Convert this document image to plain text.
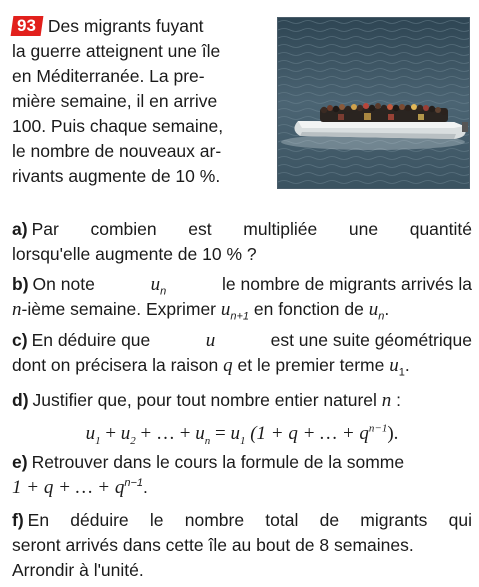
93 Des migrants fuyant
la guerre atteignent une île
en Méditerranée. La pre-
mière semaine, il en arrive
100. Puis chaque semaine,
le nombre de nouveaux ar-
rivants augmente de 10 %.
a) Par combien est multipliée une quantité
lorsqu'elle augmente de 10 % ?
b) On note	$u_n$	le nombre de migrants arrivés la
n-ième semaine. Exprimer $u_{n+1}$ en fonction de $u_n$.
c) En déduire que	u	est une suite géométrique
dont on précisera la raison q et le premier terme $u_1$.
d) Justifier que, pour tout nombre entier naturel n :
$u_1 + u_2$ + … + $u_n = u_1$ (1 + q + … + $q^{n-1}$).
e) Retrouver dans le cours la formule de la somme
1 + q + … + $q^{n-1}$.
f) En déduire le nombre total de migrants qui
seront arrivés dans cette île au bout de 8 semaines.
Arrondir à l'unité.
